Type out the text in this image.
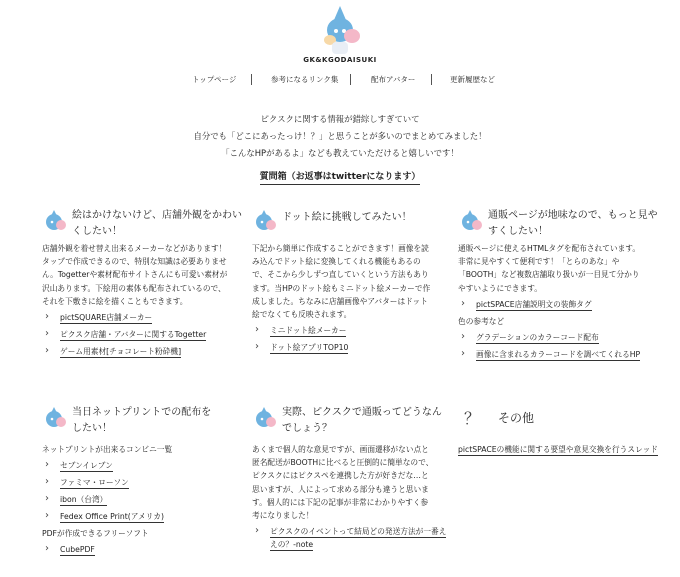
GK&KGODAISUKI
トップページ	参考になるリンク集	配布アバター	更新履歴など
ピクスクに関する情報が錯綜しすぎていて
自分でも「どこにあったっけ！？」と思うことが多いのでまとめてみました！
「こんなHPがあるよ」なども教えていただけると嬉しいです！
質問箱（お返事はtwitterになります）
絵はかけないけど、店舗外観をかわいくしたい！
店舗外観を着せ替え出来るメーカーなどがあります！タップで作成できるので、特別な知識は必要ありません。Togetterや素材配布サイトさんにも可愛い素材が沢山あります。下絵用の素体も配布されているので、それを下敷きに絵を描くこともできます。
› pictSQUARE店舗メーカー
› ピクスク店舗・アバターに関するTogetter
› ゲーム用素材[チョコレート粉砕機]
ドット絵に挑戦してみたい！
下記から簡単に作成することができます！画像を読み込んでドット絵に変換してくれる機能もあるので、そこから少しずつ直していくという方法もあります。当HPのドット絵もミニドット絵メーカーで作成しました。ちなみに店舗画像やアバターはドット絵でなくても反映されます。
› ミニドット絵メーカー
› ドット絵アプリTOP10
通販ページが地味なので、もっと見やすくしたい！
通販ページに使えるHTMLタグを配布されています。非常に見やすくて便利です！「とらのあな」や「BOOTH」など複数店舗取り扱いが一目見て分かりやすいようにできます。
› pictSPACE店舗説明文の装飾タグ
色の参考など
› グラデーションのカラーコード配布
› 画像に含まれるカラーコードを調べてくれるHP
当日ネットプリントでの配布をしたい！
ネットプリントが出来るコンビニ一覧
› セブンイレブン
› ファミマ・ローソン
› ibon（台湾）
› Fedex Office Print(アメリカ)
PDFが作成できるフリーソフト
› CubePDF
実際、ピクスクで通販ってどうなんでしょう？
あくまで個人的な意見ですが、画面遷移がない点と匿名配送がBOOTHに比べると圧倒的に簡単なので、ピクスクにはピクスペを連携した方が好きだな…と思いますが、人によって求める部分も違うと思います。個人的には下記の記事が非常にわかりやすく参考になりました！
› ピクスクのイベントって結局どの発送方法が一番ええの？-note
？ その他
pictSPACEの機能に関する要望や意見交換を行うスレッド
